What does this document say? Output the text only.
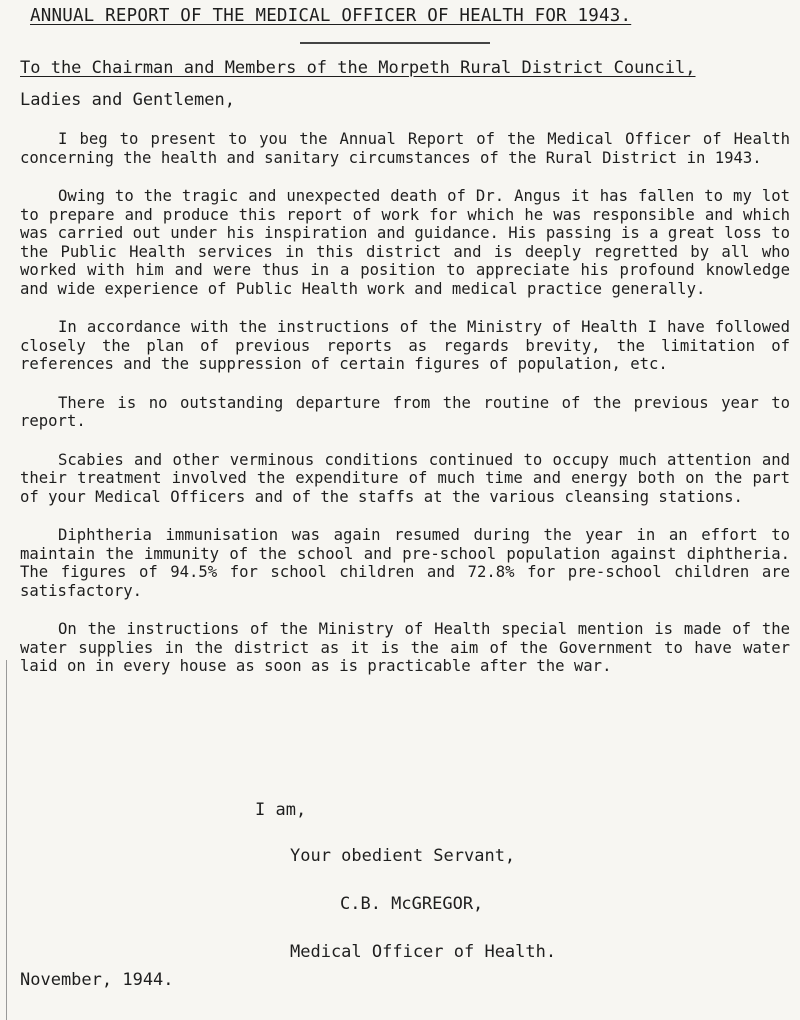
ANNUAL REPORT OF THE MEDICAL OFFICER OF HEALTH FOR 1943.
To the Chairman and Members of the Morpeth Rural District Council,
Ladies and Gentlemen,

I beg to present to you the Annual Report of the Medical Officer of Health concerning the health and sanitary circumstances of the Rural District in 1943.

Owing to the tragic and unexpected death of Dr. Angus it has fallen to my lot to prepare and produce this report of work for which he was responsible and which was carried out under his inspiration and guidance. His passing is a great loss to the Public Health services in this district and is deeply regretted by all who worked with him and were thus in a position to appreciate his profound knowledge and wide experience of Public Health work and medical practice generally.

In accordance with the instructions of the Ministry of Health I have followed closely the plan of previous reports as regards brevity, the limitation of references and the suppression of certain figures of population, etc.

There is no outstanding departure from the routine of the previous year to report.

Scabies and other verminous conditions continued to occupy much attention and their treatment involved the expenditure of much time and energy both on the part of your Medical Officers and of the staffs at the various cleansing stations.

Diphtheria immunisation was again resumed during the year in an effort to maintain the immunity of the school and pre-school population against diphtheria. The figures of 94.5% for school children and 72.8% for pre-school children are satisfactory.

On the instructions of the Ministry of Health special mention is made of the water supplies in the district as it is the aim of the Government to have water laid on in every house as soon as is practicable after the war.

I am,
Your obedient Servant,
C.B. McGREGOR,
Medical Officer of Health.
November, 1944.
